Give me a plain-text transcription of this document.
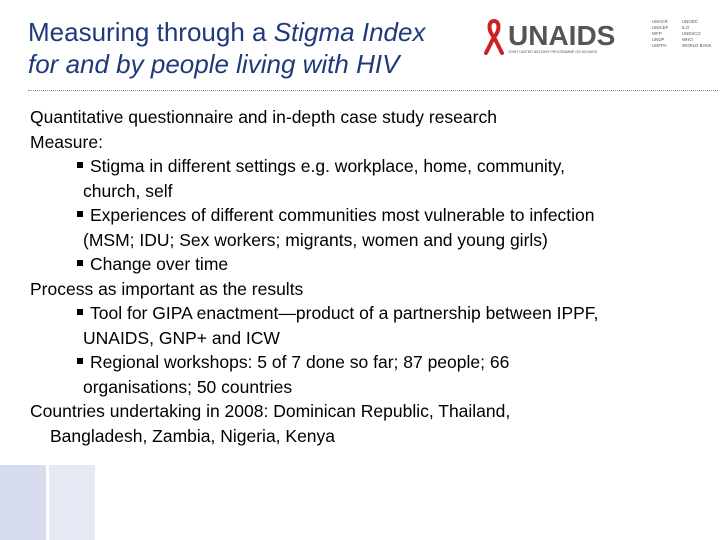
Measuring through a Stigma Index
for and by people living with HIV
UNAIDS
JOINT UNITED NATIONS PROGRAMME ON HIV/AIDS
UNHCR
UNICEF
WFP
UNDP
UNFPA
UNODC
ILO
UNESCO
WHO
WORLD BANK

Quantitative questionnaire and in-depth case study research

Measure:

Stigma in different settings e.g. workplace, home, community,

church, self

Experiences of different communities most vulnerable to infection

(MSM; IDU; Sex workers; migrants, women and young girls)

Change over time

Process as important as the results

Tool for GIPA enactment—product of a partnership between IPPF,

UNAIDS, GNP+ and ICW

Regional workshops: 5 of 7 done so far; 87 people; 66

organisations; 50 countries

Countries undertaking in 2008: Dominican Republic, Thailand,

Bangladesh, Zambia, Nigeria, Kenya
